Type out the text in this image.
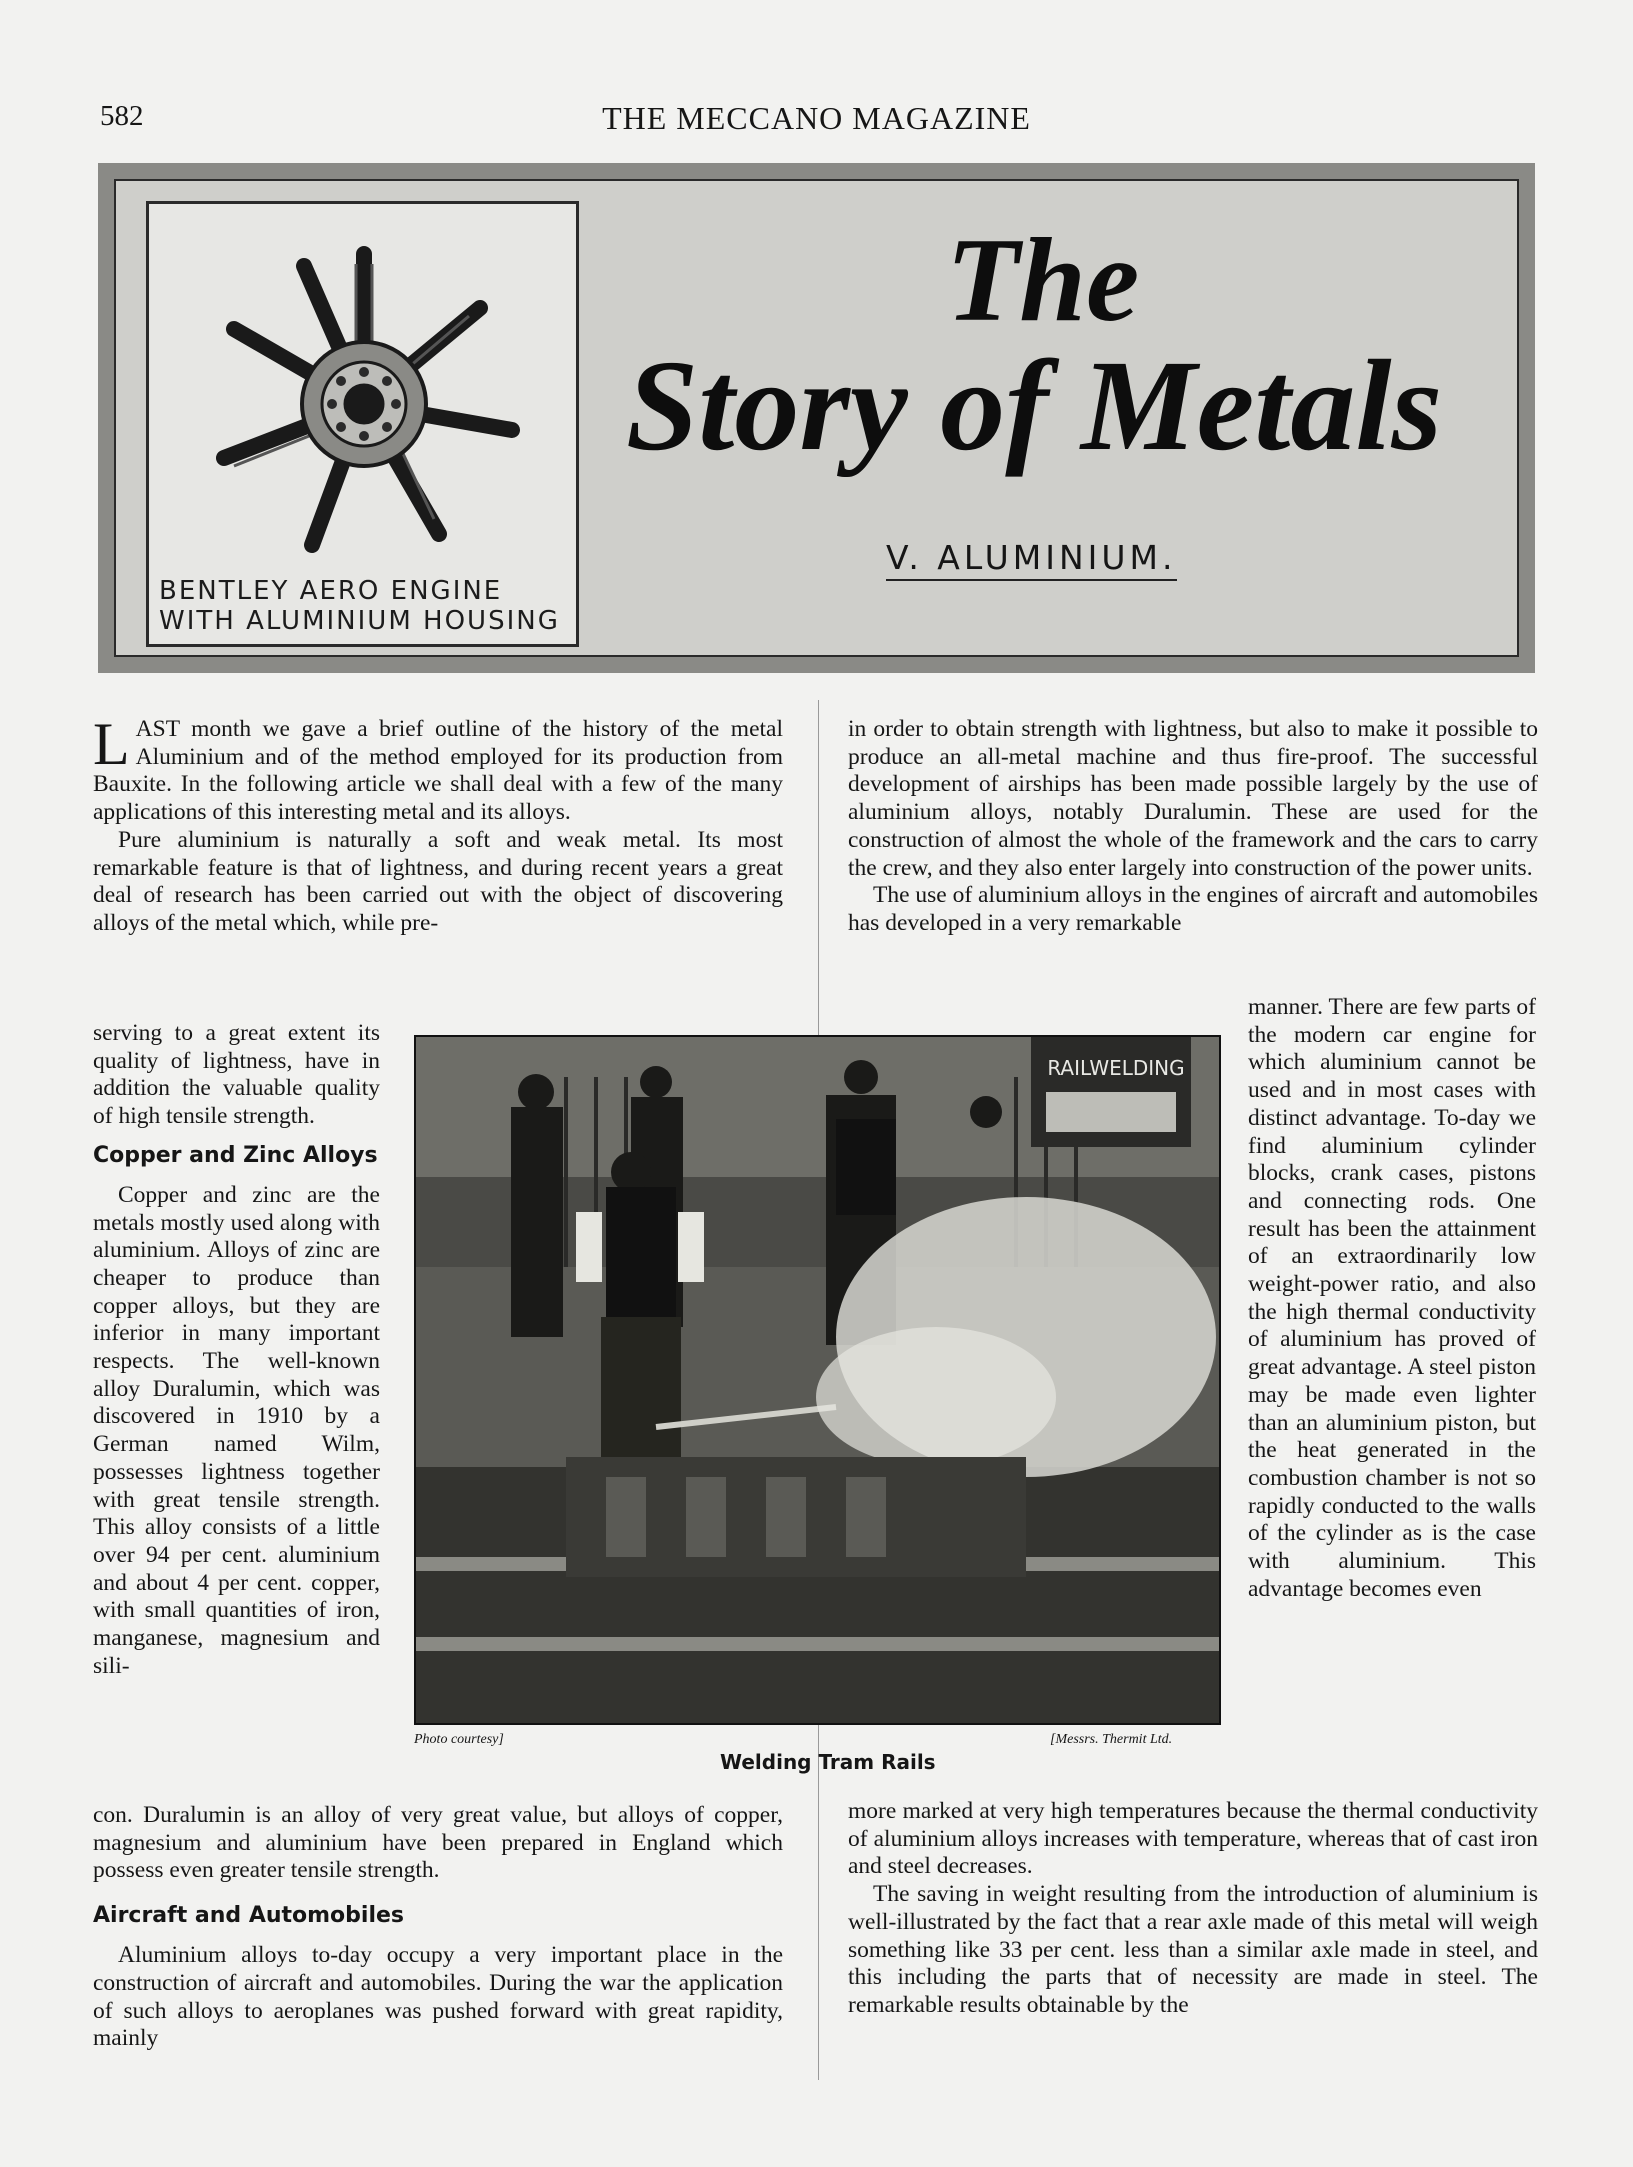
582	THE MECCANO MAGAZINE
BENTLEY AERO ENGINE
WITH ALUMINIUM HOUSING
The
Story of Metals
V. ALUMINIUM.

LAST month we gave a brief outline of the history of the metal Aluminium and of the method employed for its production from Bauxite. In the following article we shall deal with a few of the many applications of this interesting metal and its alloys.

Pure aluminium is naturally a soft and weak metal. Its most remarkable feature is that of lightness, and during recent years a great deal of research has been carried out with the object of discovering alloys of the metal which, while pre-

serving to a great extent its quality of lightness, have in addition the valuable quality of high tensile strength.

Copper and Zinc Alloys

Copper and zinc are the metals mostly used along with aluminium. Alloys of zinc are cheaper to produce than copper alloys, but they are inferior in many important respects. The well-known alloy Duralumin, which was discovered in 1910 by a German named Wilm, possesses lightness together with great tensile strength. This alloy consists of a little over 94 per cent. aluminium and about 4 per cent. copper, with small quantities of iron, manganese, magnesium and sili-

con. Duralumin is an alloy of very great value, but alloys of copper, magnesium and aluminium have been prepared in England which possess even greater tensile strength.

Aircraft and Automobiles

Aluminium alloys to-day occupy a very important place in the construction of aircraft and automobiles. During the war the application of such alloys to aeroplanes was pushed forward with great rapidity, mainly

in order to obtain strength with lightness, but also to make it possible to produce an all-metal machine and thus fire-proof. The successful development of airships has been made possible largely by the use of aluminium alloys, notably Duralumin. These are used for the construction of almost the whole of the framework and the cars to carry the crew, and they also enter largely into construction of the power units.

The use of aluminium alloys in the engines of aircraft and automobiles has developed in a very remarkable

manner. There are few parts of the modern car engine for which aluminium cannot be used and in most cases with distinct advantage. To-day we find aluminium cylinder blocks, crank cases, pistons and connecting rods. One result has been the attainment of an extraordinarily low weight-power ratio, and also the high thermal conductivity of aluminium has proved of great advantage. A steel piston may be made even lighter than an aluminium piston, but the heat generated in the combustion chamber is not so rapidly conducted to the walls of the cylinder as is the case with aluminium. This advantage becomes even

more marked at very high temperatures because the thermal conductivity of aluminium alloys increases with temperature, whereas that of cast iron and steel decreases.

The saving in weight resulting from the introduction of aluminium is well-illustrated by the fact that a rear axle made of this metal will weigh something like 33 per cent. less than a similar axle made in steel, and this including the parts that of necessity are made in steel. The remarkable results obtainable by the

RAILWELDING
Photo courtesy]	[Messrs. Thermit Ltd.
Welding Tram Rails
